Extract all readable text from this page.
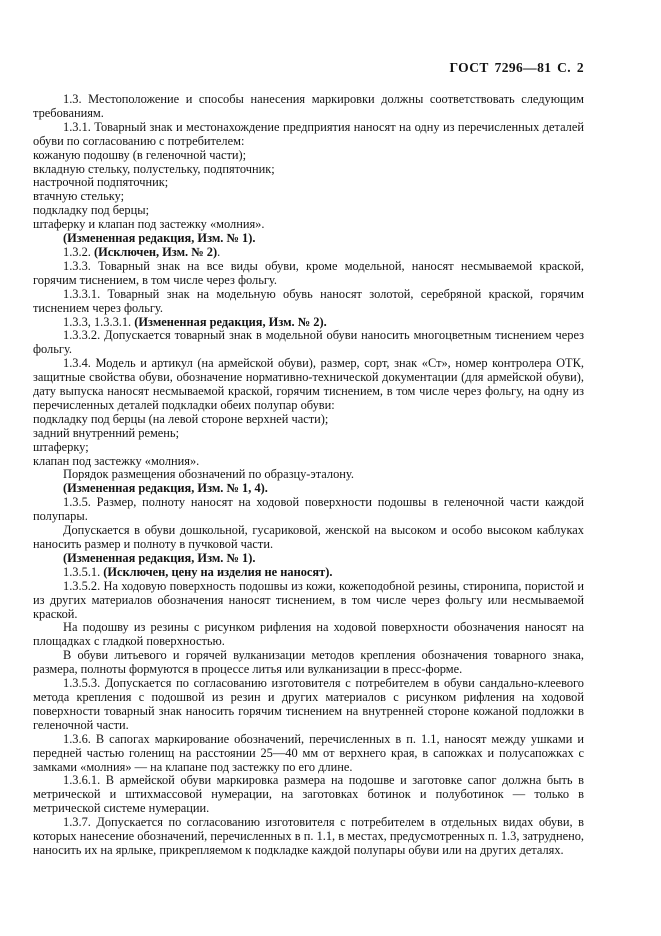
ГОСТ 7296—81 С. 2

1.3. Местоположение и способы нанесения маркировки должны соответствовать следующим требованиям.

1.3.1. Товарный знак и местонахождение предприятия наносят на одну из перечисленных деталей обуви по согласованию с потребителем:

кожаную подошву (в геленочной части);

вкладную стельку, полустельку, подпяточник;

настрочной подпяточник;

втачную стельку;

подкладку под берцы;

штаферку и клапан под застежку «молния».

(Измененная редакция, Изм. № 1).

1.3.2. (Исключен, Изм. № 2).

1.3.3. Товарный знак на все виды обуви, кроме модельной, наносят несмываемой краской, горячим тиснением, в том числе через фольгу.

1.3.3.1. Товарный знак на модельную обувь наносят золотой, серебряной краской, горячим тиснением через фольгу.

1.3.3, 1.3.3.1. (Измененная редакция, Изм. № 2).

1.3.3.2. Допускается товарный знак в модельной обуви наносить многоцветным тиснением через фольгу.

1.3.4. Модель и артикул (на армейской обуви), размер, сорт, знак «Ст», номер контролера ОТК, защитные свойства обуви, обозначение нормативно-технической документации (для армейской обуви), дату выпуска наносят несмываемой краской, горячим тиснением, в том числе через фольгу, на одну из перечисленных деталей подкладки обеих полупар обуви:

подкладку под берцы (на левой стороне верхней части);

задний внутренний ремень;

штаферку;

клапан под застежку «молния».

Порядок размещения обозначений по образцу-эталону.

(Измененная редакция, Изм. № 1, 4).

1.3.5. Размер, полноту наносят на ходовой поверхности подошвы в геленочной части каждой полупары.

Допускается в обуви дошкольной, гусариковой, женской на высоком и особо высоком каблуках наносить размер и полноту в пучковой части.

(Измененная редакция, Изм. № 1).

1.3.5.1. (Исключен, цену на изделия не наносят).

1.3.5.2. На ходовую поверхность подошвы из кожи, кожеподобной резины, стиронипа, пористой и из других материалов обозначения наносят тиснением, в том числе через фольгу или несмываемой краской.

На подошву из резины с рисунком рифления на ходовой поверхности обозначения наносят на площадках с гладкой поверхностью.

В обуви литьевого и горячей вулканизации методов крепления обозначения товарного знака, размера, полноты формуются в процессе литья или вулканизации в пресс-форме.

1.3.5.3. Допускается по согласованию изготовителя с потребителем в обуви сандально-клеевого метода крепления с подошвой из резин и других материалов с рисунком рифления на ходовой поверхности товарный знак наносить горячим тиснением на внутренней стороне кожаной подложки в геленочной части.

1.3.6. В сапогах маркирование обозначений, перечисленных в п. 1.1, наносят между ушками и передней частью голенищ на расстоянии 25—40 мм от верхнего края, в сапожках и полусапожках с замками «молния» — на клапане под застежку по его длине.

1.3.6.1. В армейской обуви маркировка размера на подошве и заготовке сапог должна быть в метрической и штихмассовой нумерации, на заготовках ботинок и полуботинок — только в метрической системе нумерации.

1.3.7. Допускается по согласованию изготовителя с потребителем в отдельных видах обуви, в которых нанесение обозначений, перечисленных в п. 1.1, в местах, предусмотренных п. 1.3, затруднено, наносить их на ярлыке, прикрепляемом к подкладке каждой полупары обуви или на других деталях.
